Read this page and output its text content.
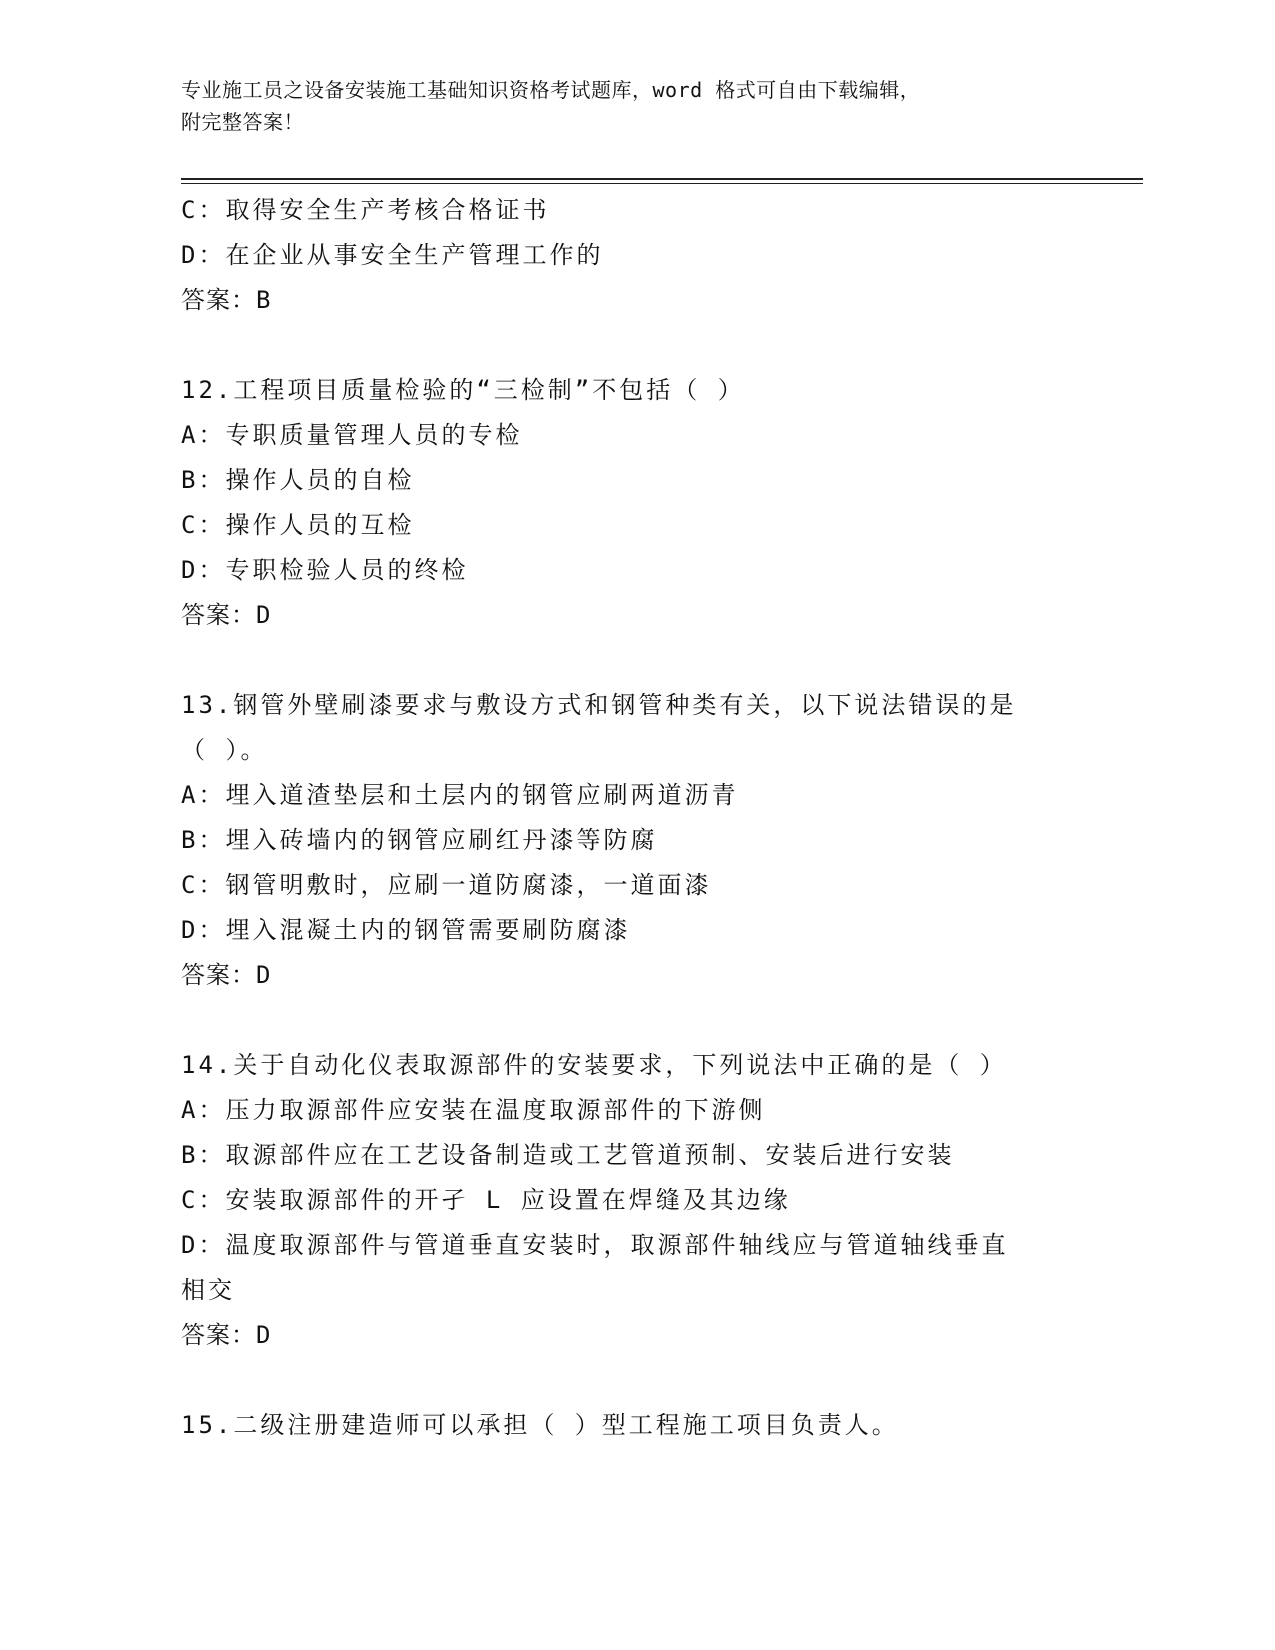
专业施工员之设备安装施工基础知识资格考试题库，word 格式可自由下载编辑，
附完整答案！
C：取得安全生产考核合格证书
D：在企业从事安全生产管理工作的
答案：B
12.工程项目质量检验的“三检制”不包括（ ）
A：专职质量管理人员的专检
B：操作人员的自检
C：操作人员的互检
D：专职检验人员的终检
答案：D
13.钢管外壁刷漆要求与敷设方式和钢管种类有关，以下说法错误的是
（ ）。
A：埋入道渣垫层和土层内的钢管应刷两道沥青
B：埋入砖墙内的钢管应刷红丹漆等防腐
C：钢管明敷时，应刷一道防腐漆，一道面漆
D：埋入混凝土内的钢管需要刷防腐漆
答案：D
14.关于自动化仪表取源部件的安装要求，下列说法中正确的是（ ）
A：压力取源部件应安装在温度取源部件的下游侧
B：取源部件应在工艺设备制造或工艺管道预制、安装后进行安装
C：安装取源部件的开孑 L 应设置在焊缝及其边缘
D：温度取源部件与管道垂直安装时，取源部件轴线应与管道轴线垂直
相交
答案：D
15.二级注册建造师可以承担（ ）型工程施工项目负责人。
